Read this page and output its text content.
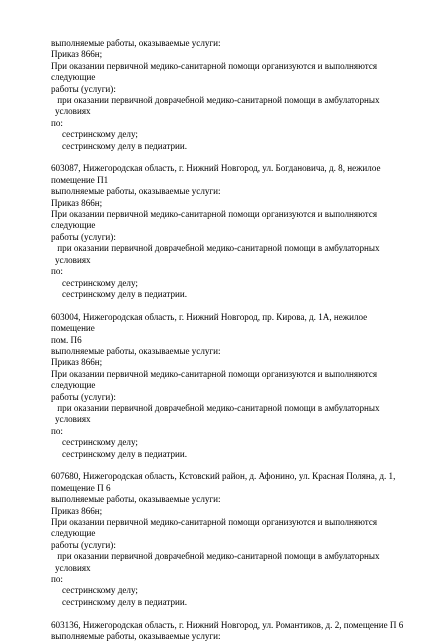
выполняемые работы, оказываемые услуги:
Приказ 866н;
При оказании первичной медико-санитарной помощи организуются и выполняются следующие
работы (услуги):
при оказании первичной доврачебной медико-санитарной помощи в амбулаторных условиях
по:
сестринскому делу;
сестринскому делу в педиатрии.
603087, Нижегородская область, г. Нижний Новгород, ул. Богдановича, д. 8, нежилое
помещение П1
выполняемые работы, оказываемые услуги:
Приказ 866н;
При оказании первичной медико-санитарной помощи организуются и выполняются следующие
работы (услуги):
при оказании первичной доврачебной медико-санитарной помощи в амбулаторных условиях
по:
сестринскому делу;
сестринскому делу в педиатрии.
603004, Нижегородская область, г. Нижний Новгород, пр. Кирова, д. 1А, нежилое помещение
пом. П6
выполняемые работы, оказываемые услуги:
Приказ 866н;
При оказании первичной медико-санитарной помощи организуются и выполняются следующие
работы (услуги):
при оказании первичной доврачебной медико-санитарной помощи в амбулаторных условиях
по:
сестринскому делу;
сестринскому делу в педиатрии.
607680, Нижегородская область, Кстовский район, д. Афонино, ул. Красная Поляна, д. 1,
помещение П 6
выполняемые работы, оказываемые услуги:
Приказ 866н;
При оказании первичной медико-санитарной помощи организуются и выполняются следующие
работы (услуги):
при оказании первичной доврачебной медико-санитарной помощи в амбулаторных условиях
по:
сестринскому делу;
сестринскому делу в педиатрии.
603136, Нижегородская область, г. Нижний Новгород, ул. Романтиков, д. 2, помещение П 6
выполняемые работы, оказываемые услуги:
